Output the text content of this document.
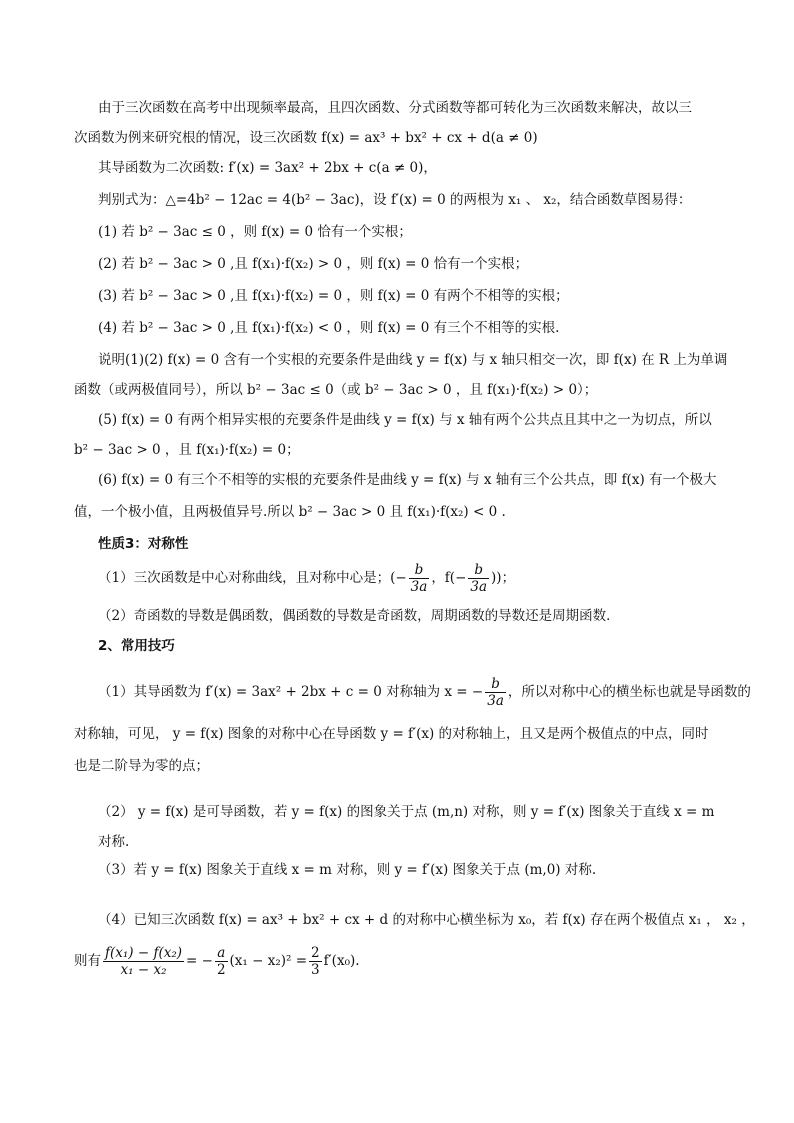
由于三次函数在高考中出现频率最高，且四次函数、分式函数等都可转化为三次函数来解决，故以三
次函数为例来研究根的情况，设三次函数 f(x) = ax³ + bx² + cx + d(a ≠ 0)
其导函数为二次函数: f′(x) = 3ax² + 2bx + c(a ≠ 0)，
判别式为：△=4b² − 12ac = 4(b² − 3ac)，设 f′(x) = 0 的两根为 x₁ 、 x₂，结合函数草图易得：
(1) 若 b² − 3ac ≤ 0 ，则 f(x) = 0 恰有一个实根；
(2) 若 b² − 3ac > 0 ,且 f(x₁)·f(x₂) > 0 ，则 f(x) = 0 恰有一个实根；
(3) 若 b² − 3ac > 0 ,且 f(x₁)·f(x₂) = 0 ，则 f(x) = 0 有两个不相等的实根；
(4) 若 b² − 3ac > 0 ,且 f(x₁)·f(x₂) < 0 ，则 f(x) = 0 有三个不相等的实根.
说明(1)(2) f(x) = 0 含有一个实根的充要条件是曲线 y = f(x) 与 x 轴只相交一次，即 f(x) 在 R 上为单调
函数（或两极值同号），所以 b² − 3ac ≤ 0（或 b² − 3ac > 0 ，且 f(x₁)·f(x₂) > 0）；
(5) f(x) = 0 有两个相异实根的充要条件是曲线 y = f(x) 与 x 轴有两个公共点且其中之一为切点，所以
b² − 3ac > 0 ，且 f(x₁)·f(x₂) = 0；
(6) f(x) = 0 有三个不相等的实根的充要条件是曲线 y = f(x) 与 x 轴有三个公共点，即 f(x) 有一个极大
值，一个极小值，且两极值异号.所以 b² − 3ac > 0 且 f(x₁)·f(x₂) < 0 .
性质3：对称性
（1）三次函数是中心对称曲线，且对称中心是；(− $\frac{b}{3a}$ ，$f(- \frac{b}{3a}$ ))；
（2）奇函数的导数是偶函数，偶函数的导数是奇函数，周期函数的导数还是周期函数．
2、常用技巧
（1）其导函数为 f′(x) = 3ax² + 2bx + c = 0 对称轴为 x = − $\frac{b}{3a}$ ，所以对称中心的横坐标也就是导函数的
对称轴，可见， y = f(x) 图象的对称中心在导函数 y = f′(x) 的对称轴上，且又是两个极值点的中点，同时
也是二阶导为零的点；
（2） y = f(x) 是可导函数，若 y = f(x) 的图象关于点 (m,n) 对称，则 y = f′(x) 图象关于直线 x = m
对称.
（3）若 y = f(x) 图象关于直线 x = m 对称，则 y = f′(x) 图象关于点 (m,0) 对称.
（4）已知三次函数 f(x) = ax³ + bx² + cx + d 的对称中心横坐标为 x₀，若 f(x) 存在两个极值点 x₁ ， x₂ ，
则有 $\frac{\text{f(x₁) − f(x₂)}}{\text{x₁ − x₂}}$ = − $\frac{a}{2} (x_1 - x_2)^2 = \frac{2}{3} f'(x_0)$.
